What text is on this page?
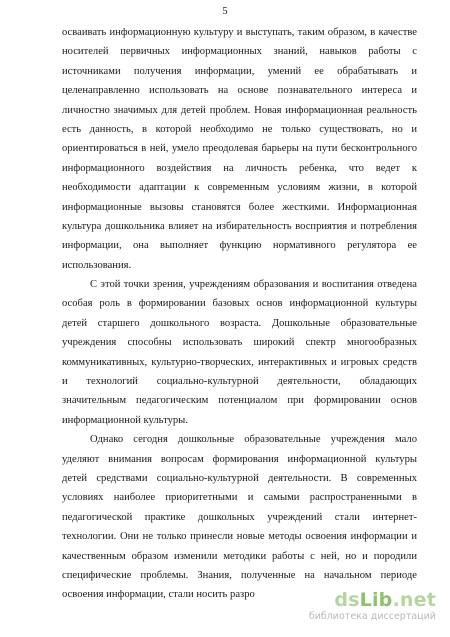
5
осваивать информационную культуру и выступать, таким образом, в качестве
носителей первичных информационных знаний, навыков работы с
источниками получения информации, умений ее обрабатывать и
целенаправленно использовать на основе познавательного интереса и
личностно значимых для детей проблем. Новая информационная реальность
есть данность, в которой необходимо не только существовать, но и
ориентироваться в ней, умело преодолевая барьеры на пути бесконтрольного
информационного воздействия на личность ребенка, что ведет к
необходимости адаптации к современным условиям жизни, в которой
информационные вызовы становятся более жесткими. Информационная
культура дошкольника влияет на избирательность восприятия и потребления
информации, она выполняет функцию нормативного регулятора ее
использования.
С этой точки зрения, учреждениям образования и воспитания отведена
особая роль в формировании базовых основ информационной культуры
детей старшего дошкольного возраста. Дошкольные образовательные
учреждения способны использовать широкий спектр многообразных
коммуникативных, культурно-творческих, интерактивных и игровых средств
и технологий социально-культурной деятельности, обладающих
значительным педагогическим потенциалом при формировании основ
информационной культуры.
Однако сегодня дошкольные образовательные учреждения мало
уделяют внимания вопросам формирования информационной культуры
детей средствами социально-культурной деятельности. В современных
условиях наиболее приоритетными и самыми распространенными в
педагогической практике дошкольных учреждений стали интернет-
технологии. Они не только принесли новые методы освоения информации и
качественным образом изменили методики работы с ней, но и породили
специфические проблемы. Знания, полученные на начальном периоде
освоения информации, стали носить разро	dsLib.net
библиотека диссертаций
